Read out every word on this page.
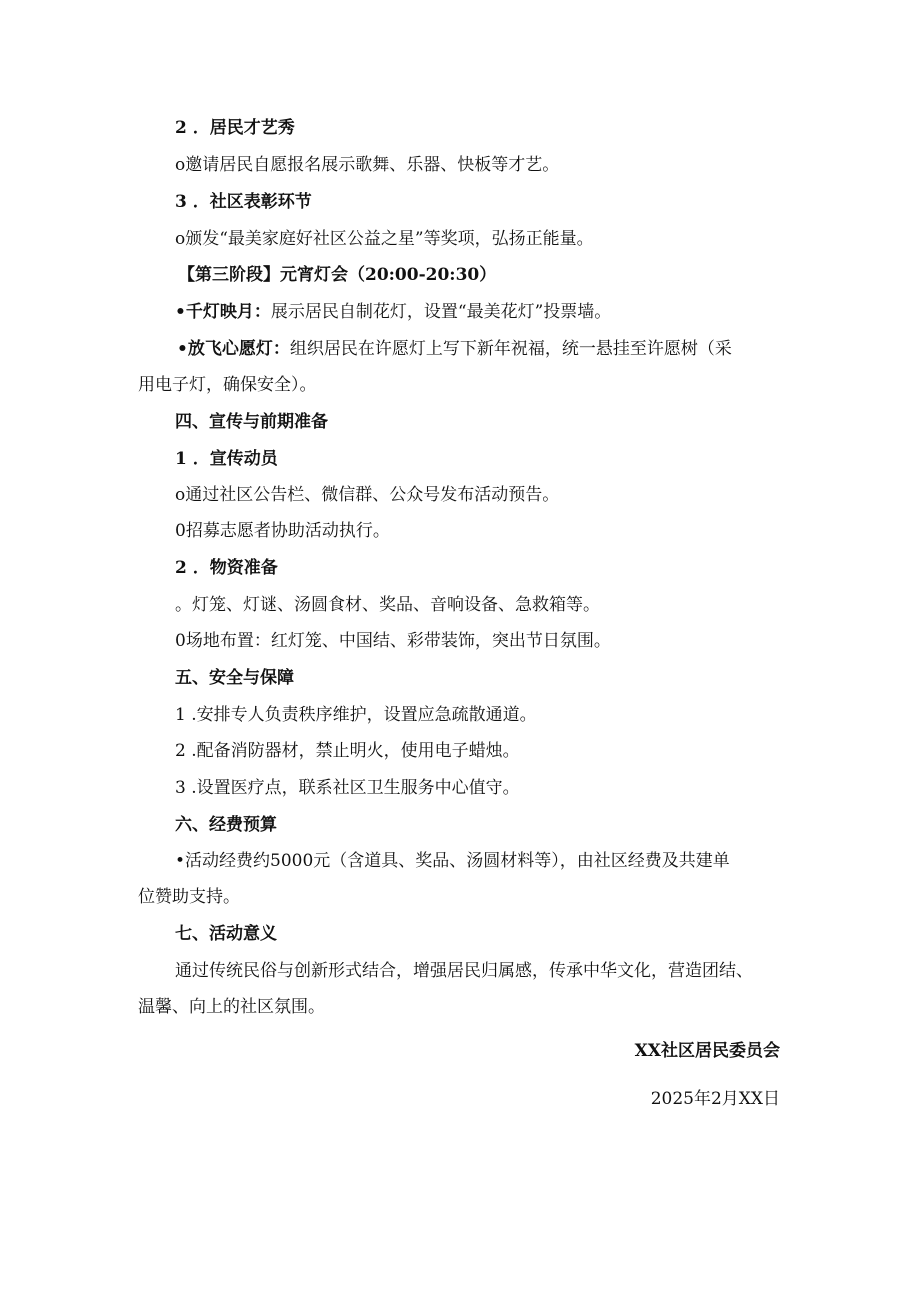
2 ．居民才艺秀
o邀请居民自愿报名展示歌舞、乐器、快板等才艺。
3 ．社区表彰环节
o颁发“最美家庭好社区公益之星”等奖项，弘扬正能量。
【第三阶段】元宵灯会（20:00-20:30）
•千灯映月：展示居民自制花灯，设置“最美花灯”投票墙。
•放飞心愿灯：组织居民在许愿灯上写下新年祝福，统一悬挂至许愿树（采
用电子灯，确保安全）。
四、宣传与前期准备
1 ．宣传动员
o通过社区公告栏、微信群、公众号发布活动预告。
0招募志愿者协助活动执行。
2 ．物资准备
。灯笼、灯谜、汤圆食材、奖品、音响设备、急救箱等。
0场地布置：红灯笼、中国结、彩带装饰，突出节日氛围。
五、安全与保障
1 .安排专人负责秩序维护，设置应急疏散通道。
2 .配备消防器材，禁止明火，使用电子蜡烛。
3 .设置医疗点，联系社区卫生服务中心值守。
六、经费预算
•活动经费约5000元（含道具、奖品、汤圆材料等），由社区经费及共建单
位赞助支持。
七、活动意义
通过传统民俗与创新形式结合，增强居民归属感，传承中华文化，营造团结、
温馨、向上的社区氛围。
XX社区居民委员会
2025年2月XX日
